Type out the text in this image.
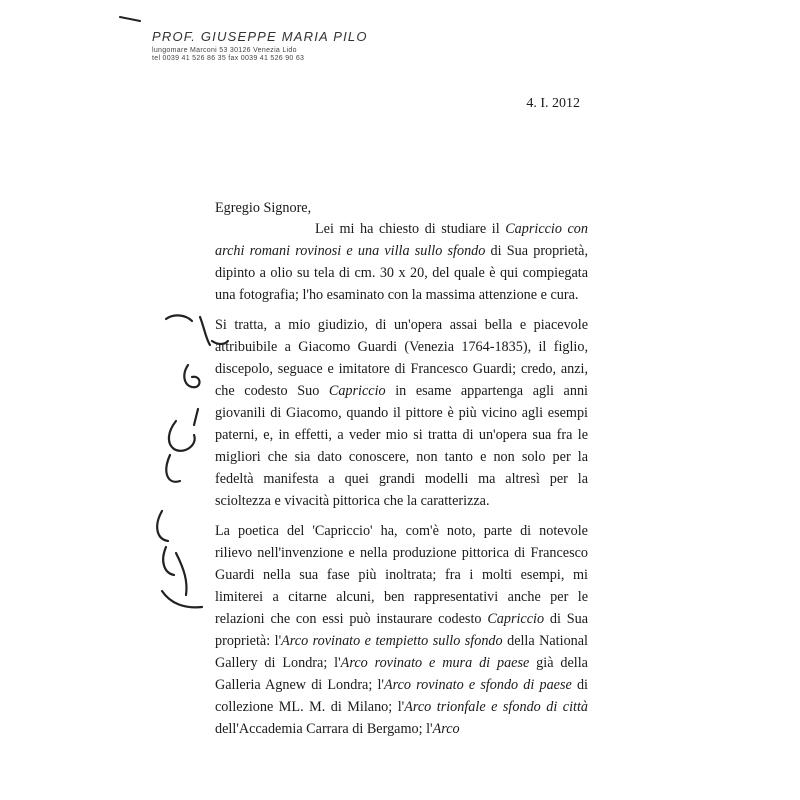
PROF. GIUSEPPE MARIA PILO
lungomare Marconi 53 30126 Venezia Lido
tel 0039 41 526 86 35 fax 0039 41 526 90 63
4. I. 2012
Egregio Signore,

Lei mi ha chiesto di studiare il Capriccio con archi romani rovinosi e una villa sullo sfondo di Sua proprietà, dipinto a olio su tela di cm. 30 x 20, del quale è qui compiegata una fotografia; l'ho esaminato con la massima attenzione e cura.

Si tratta, a mio giudizio, di un'opera assai bella e piacevole attribuibile a Giacomo Guardi (Venezia 1764-1835), il figlio, discepolo, seguace e imitatore di Francesco Guardi; credo, anzi, che codesto Suo Capriccio in esame appartenga agli anni giovanili di Giacomo, quando il pittore è più vicino agli esempi paterni, e, in effetti, a veder mio si tratta di un'opera sua fra le migliori che sia dato conoscere, non tanto e non solo per la fedeltà manifesta a quei grandi modelli ma altresì per la scioltezza e vivacità pittorica che la caratterizza.

La poetica del 'Capriccio' ha, com'è noto, parte di notevole rilievo nell'invenzione e nella produzione pittorica di Francesco Guardi nella sua fase più inoltrata; fra i molti esempi, mi limiterei a citarne alcuni, ben rappresentativi anche per le relazioni che con essi può instaurare codesto Capriccio di Sua proprietà: l'Arco rovinato e tempietto sullo sfondo della National Gallery di Londra; l'Arco rovinato e mura di paese già della Galleria Agnew di Londra; l'Arco rovinato e sfondo di paese di collezione ML. M. di Milano; l'Arco trionfale e sfondo di città dell'Accademia Carrara di Bergamo; l'Arco
